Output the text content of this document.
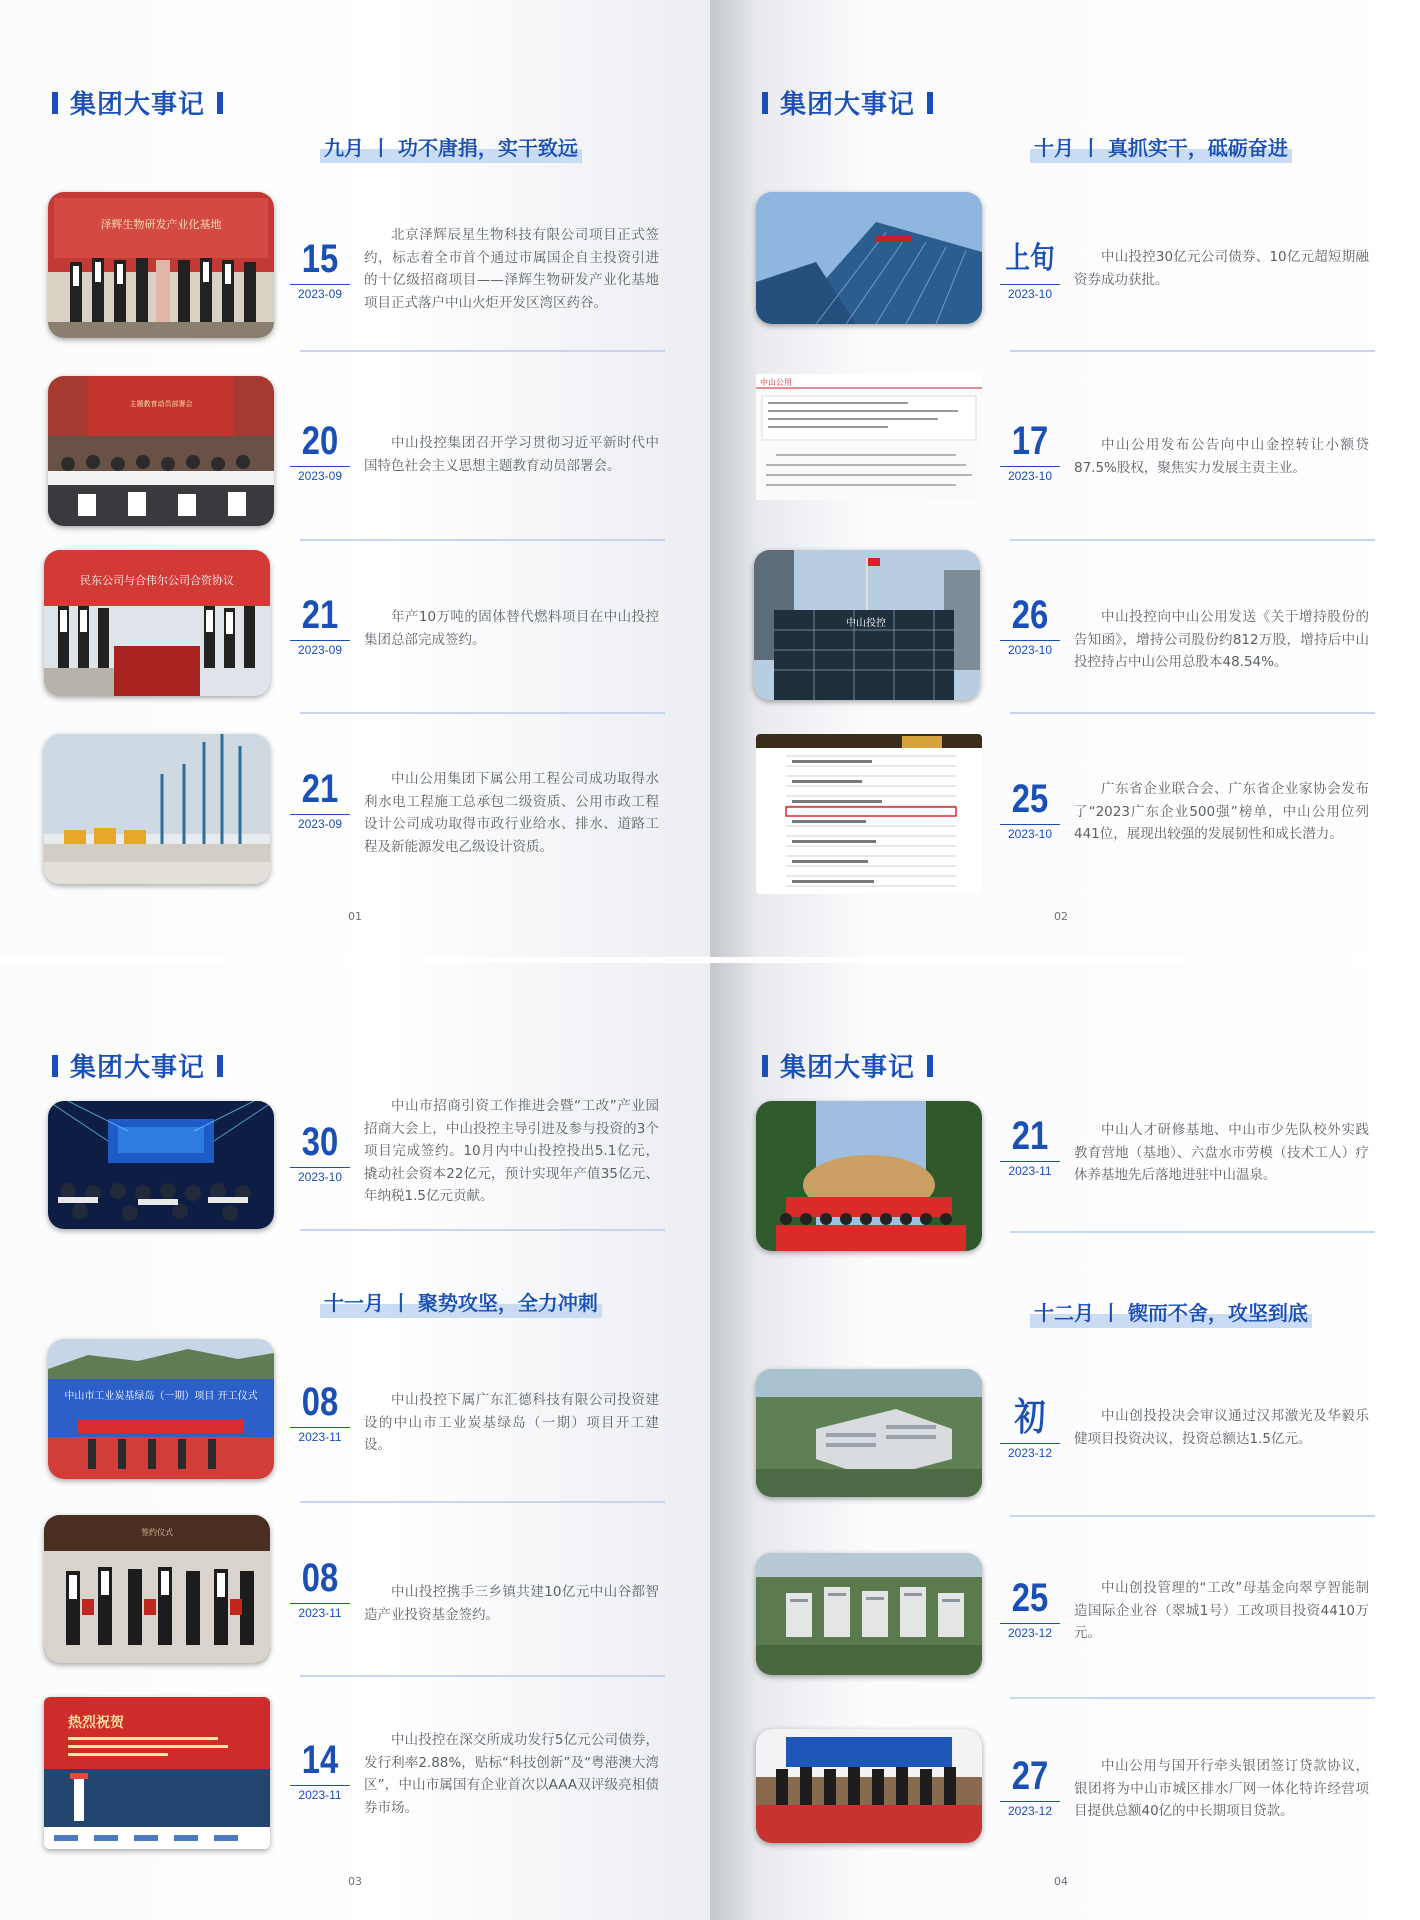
集团大事记
九月 丨 功不唐捐，实干致远
泽辉生物研发产业化基地
15
2023-09
北京泽辉辰星生物科技有限公司项目正式签约，标志着全市首个通过市属国企自主投资引进的十亿级招商项目——泽辉生物研发产业化基地项目正式落户中山火炬开发区湾区药谷。
主题教育动员部署会
20
2023-09
中山投控集团召开学习贯彻习近平新时代中国特色社会主义思想主题教育动员部署会。
民东公司与合伟尔公司合资协议
21
2023-09
年产10万吨的固体替代燃料项目在中山投控集团总部完成签约。
21
2023-09
中山公用集团下属公用工程公司成功取得水利水电工程施工总承包二级资质、公用市政工程设计公司成功取得市政行业给水、排水、道路工程及新能源发电乙级设计资质。
01
集团大事记
十月 丨 真抓实干，砥砺奋进
上旬
2023-10
中山投控30亿元公司债券、10亿元超短期融资券成功获批。
中山公用
17
2023-10
中山公用发布公告向中山金控转让小额贷87.5%股权，聚焦实力发展主责主业。
中山投控	26
2023-10
中山投控向中山公用发送《关于增持股份的告知函》，增持公司股份约812万股，增持后中山投控持占中山公用总股本48.54%。
25
2023-10
广东省企业联合会、广东省企业家协会发布了“2023广东企业500强”榜单，中山公用位列441位，展现出较强的发展韧性和成长潜力。
02
集团大事记
30
2023-10
中山市招商引资工作推进会暨“工改”产业园招商大会上，中山投控主导引进及参与投资的3个项目完成签约。10月内中山投控投出5.1亿元，撬动社会资本22亿元，预计实现年产值35亿元、年纳税1.5亿元贡献。
十一月 丨 聚势攻坚，全力冲刺
中山市工业炭基绿岛（一期）项目 开工仪式 08
2023-11
中山投控下属广东汇德科技有限公司投资建设的中山市工业炭基绿岛（一期）项目开工建设。
签约仪式
08
2023-11
中山投控携手三乡镇共建10亿元中山谷都智造产业投资基金签约。
热烈祝贺
14
2023-11
中山投控在深交所成功发行5亿元公司债券，发行利率2.88%，贴标“科技创新”及“粤港澳大湾区”，中山市属国有企业首次以AAA双评级亮相债券市场。
03
集团大事记
21
2023-11
中山人才研修基地、中山市少先队校外实践教育营地（基地）、六盘水市劳模（技术工人）疗休养基地先后落地进驻中山温泉。
十二月 丨 锲而不舍，攻坚到底
初
2023-12
中山创投投决会审议通过汉邦激光及华毅乐健项目投资决议，投资总额达1.5亿元。
25
2023-12
中山创投管理的“工改”母基金向翠亨智能制造国际企业谷（翠城1号）工改项目投资4410万元。
27
2023-12
中山公用与国开行牵头银团签订贷款协议，银团将为中山市城区排水厂网一体化特许经营项目提供总额40亿的中长期项目贷款。
04
